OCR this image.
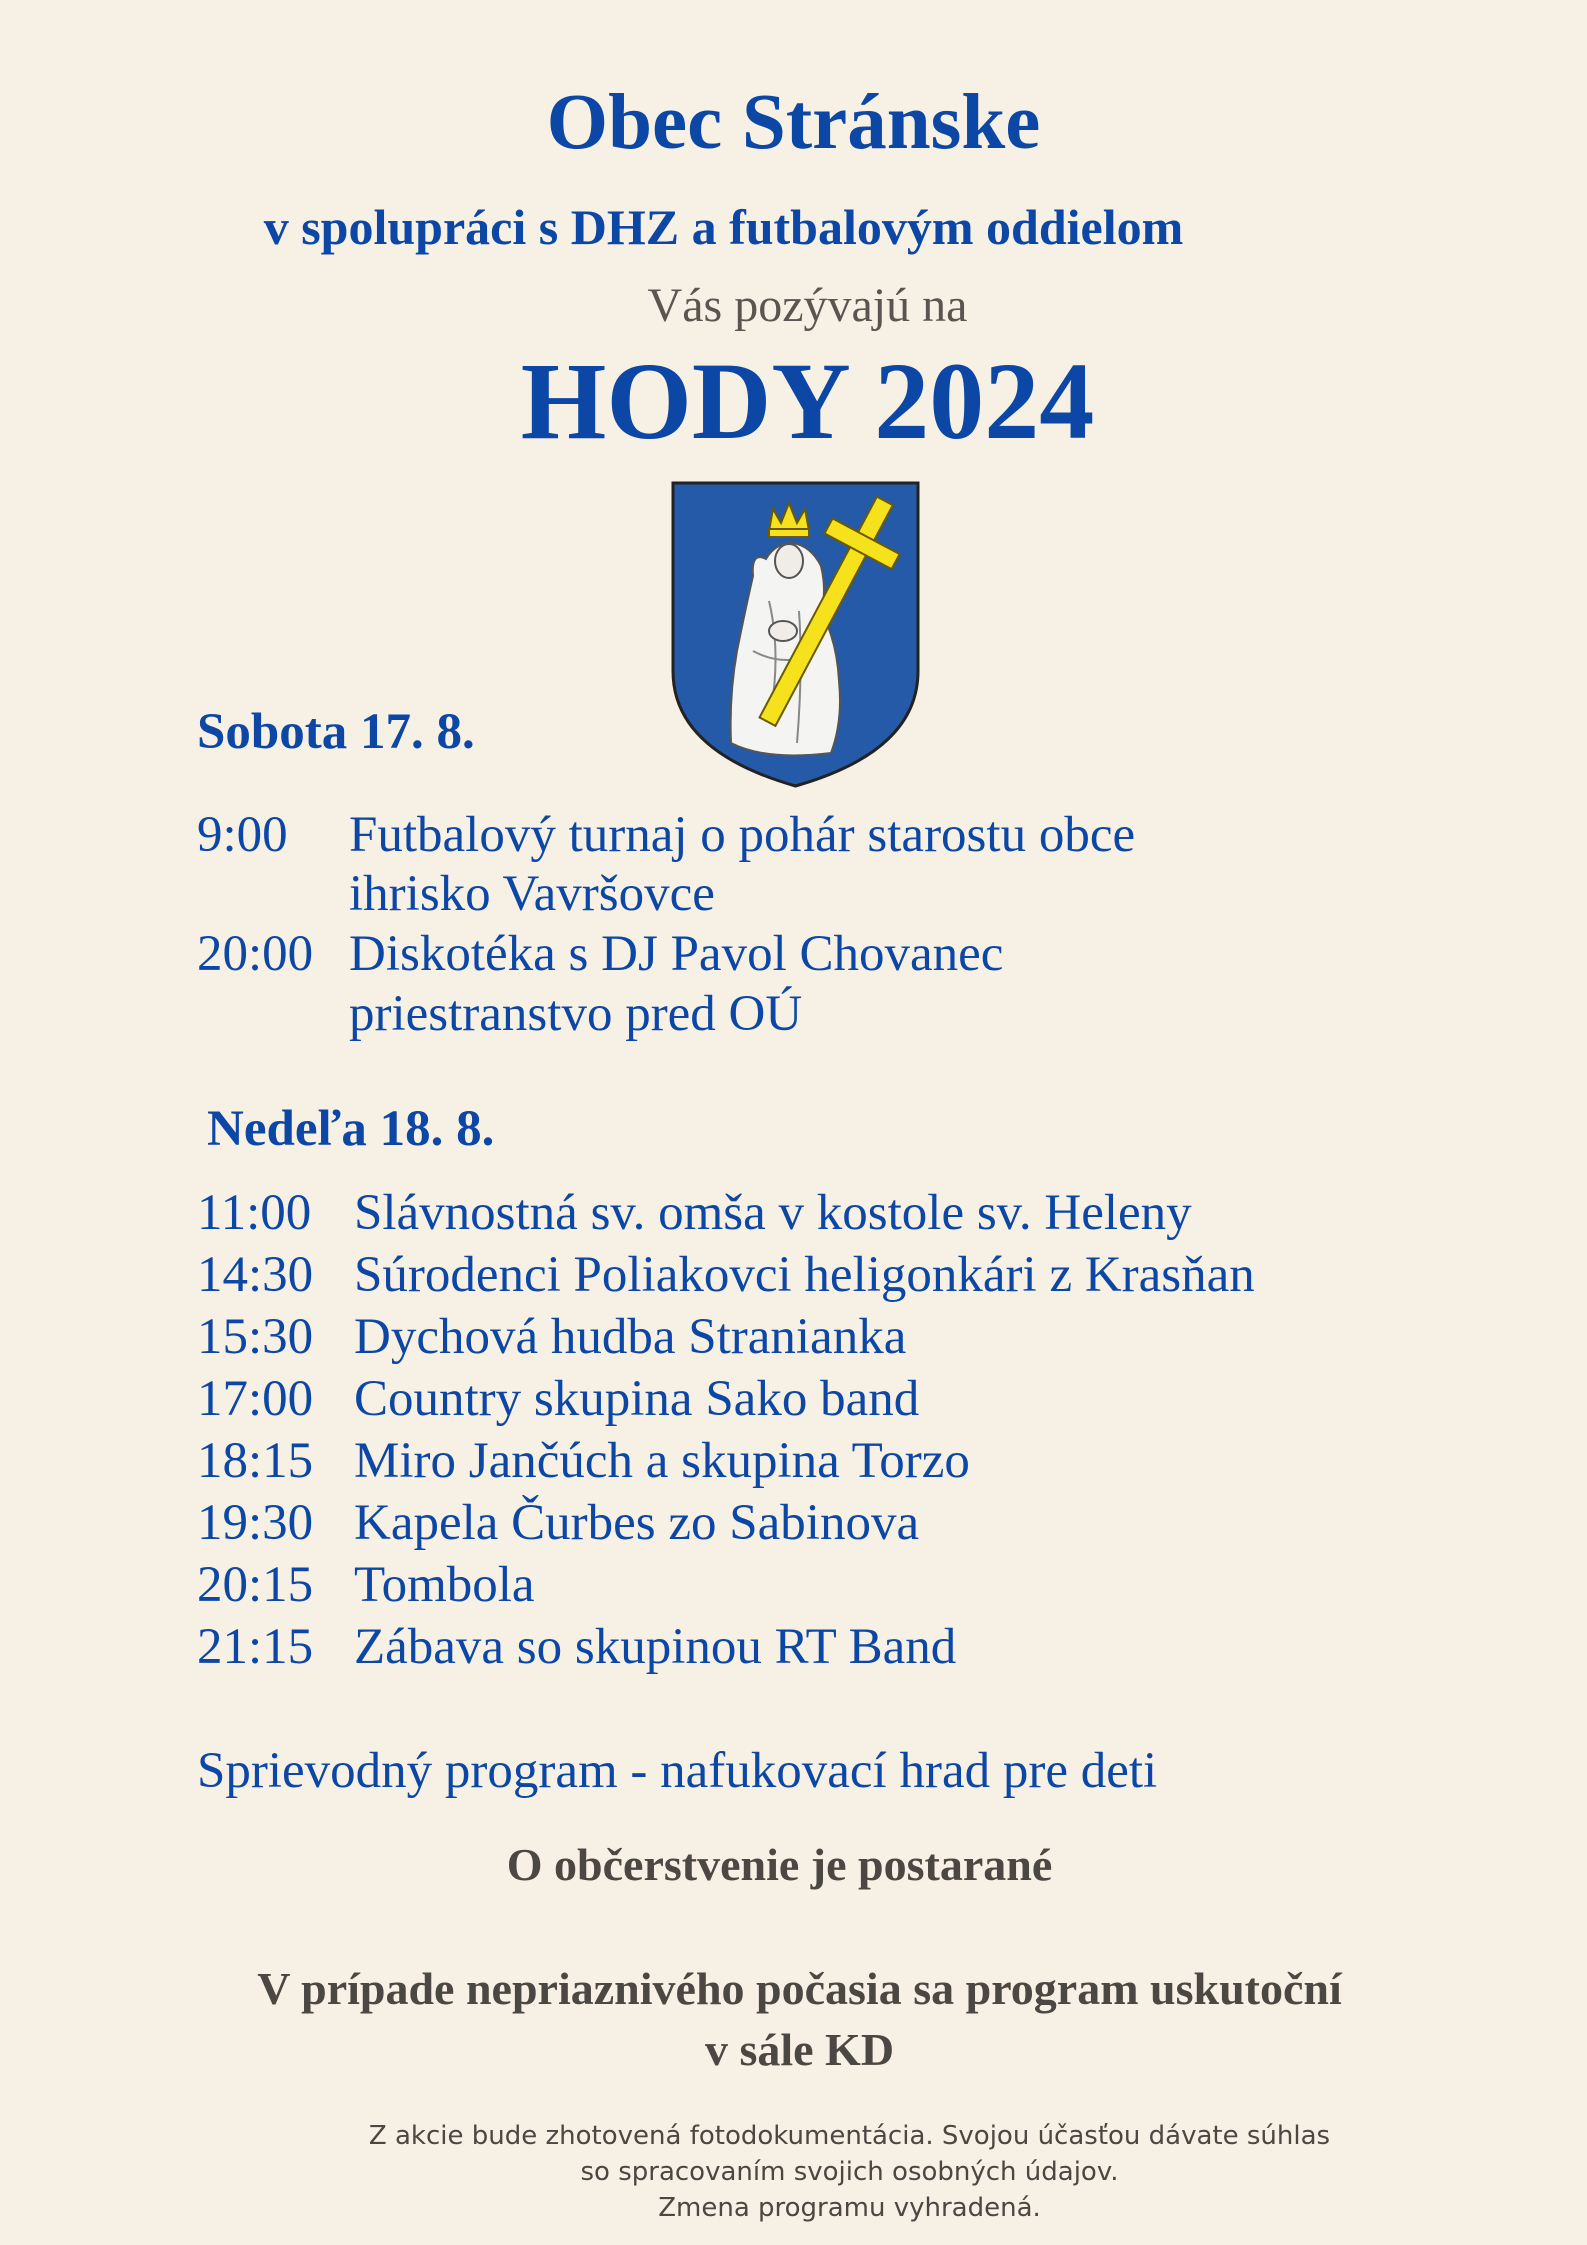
Obec Stránske
v spolupráci s DHZ a futbalovým oddielom
Vás pozývajú na
HODY 2024
Sobota 17. 8.
9:00 Futbalový turnaj o pohár starostu obce
ihrisko Vavršovce
20:00 Diskotéka s DJ Pavol Chovanec
priestranstvo pred OÚ
Nedeľa 18. 8.
11:00 Slávnostná sv. omša v kostole sv. Heleny
14:30 Súrodenci Poliakovci heligonkári z Krasňan
15:30 Dychová hudba Stranianka
17:00 Country skupina Sako band
18:15 Miro Jančúch a skupina Torzo
19:30 Kapela Čurbes zo Sabinova
20:15 Tombola
21:15 Zábava so skupinou RT Band
Sprievodný program - nafukovací hrad pre deti
O občerstvenie je postarané
V prípade nepriaznivého počasia sa program uskutoční
v sále KD
Z akcie bude zhotovená fotodokumentácia. Svojou účasťou dávate súhlas
so spracovaním svojich osobných údajov.
Zmena programu vyhradená.
